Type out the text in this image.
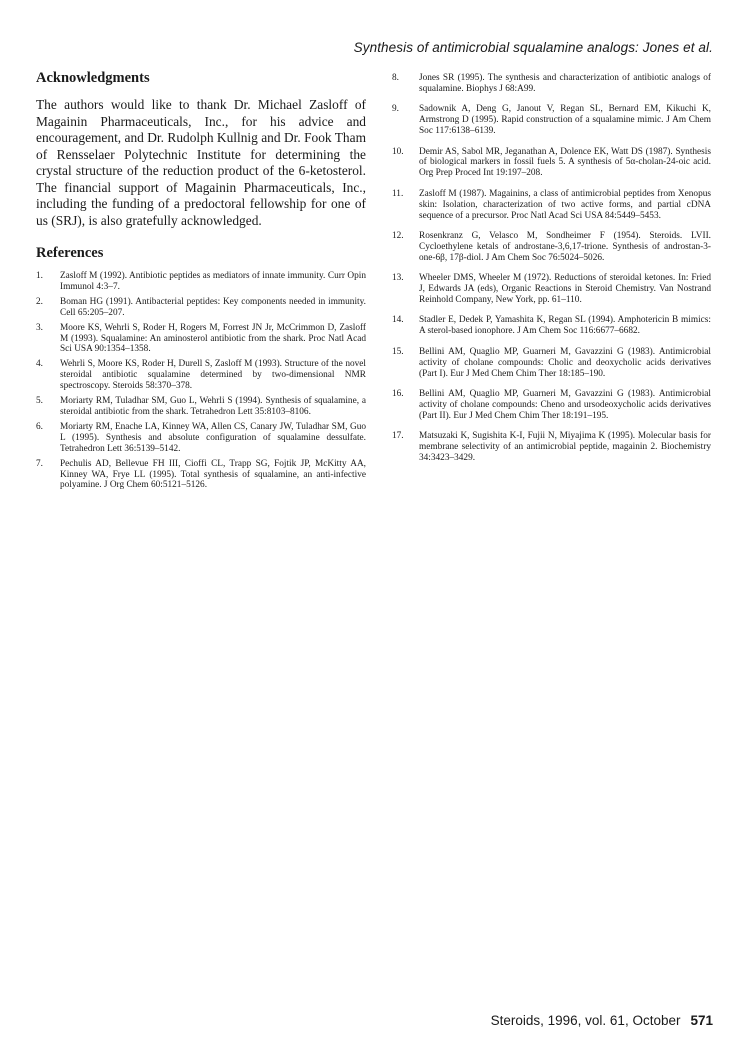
Synthesis of antimicrobial squalamine analogs: Jones et al.
Acknowledgments

The authors would like to thank Dr. Michael Zasloff of Magainin Pharmaceuticals, Inc., for his advice and encouragement, and Dr. Rudolph Kullnig and Dr. Fook Tham of Rensselaer Polytechnic Institute for determining the crystal structure of the reduction product of the 6-ketosterol. The financial support of Magainin Pharmaceuticals, Inc., including the funding of a predoctoral fellowship for one of us (SRJ), is also gratefully acknowledged.

References
1.	Zasloff M (1992). Antibiotic peptides as mediators of innate immunity. Curr Opin Immunol 4:3–7.
2.	Boman HG (1991). Antibacterial peptides: Key components needed in immunity. Cell 65:205–207.
3.	Moore KS, Wehrli S, Roder H, Rogers M, Forrest JN Jr, McCrimmon D, Zasloff M (1993). Squalamine: An aminosterol antibiotic from the shark. Proc Natl Acad Sci USA 90:1354–1358.
4.	Wehrli S, Moore KS, Roder H, Durell S, Zasloff M (1993). Structure of the novel steroidal antibiotic squalamine determined by two-dimensional NMR spectroscopy. Steroids 58:370–378.
5.	Moriarty RM, Tuladhar SM, Guo L, Wehrli S (1994). Synthesis of squalamine, a steroidal antibiotic from the shark. Tetrahedron Lett 35:8103–8106.
6.	Moriarty RM, Enache LA, Kinney WA, Allen CS, Canary JW, Tuladhar SM, Guo L (1995). Synthesis and absolute configuration of squalamine dessulfate. Tetrahedron Lett 36:5139–5142.
7.	Pechulis AD, Bellevue FH III, Cioffi CL, Trapp SG, Fojtik JP, McKitty AA, Kinney WA, Frye LL (1995). Total synthesis of squalamine, an anti-infective polyamine. J Org Chem 60:5121–5126.
8.	Jones SR (1995). The synthesis and characterization of antibiotic analogs of squalamine. Biophys J 68:A99.
9.	Sadownik A, Deng G, Janout V, Regan SL, Bernard EM, Kikuchi K, Armstrong D (1995). Rapid construction of a squalamine mimic. J Am Chem Soc 117:6138–6139.
10.	Demir AS, Sabol MR, Jeganathan A, Dolence EK, Watt DS (1987). Synthesis of biological markers in fossil fuels 5. A synthesis of 5α-cholan-24-oic acid. Org Prep Proced Int 19:197–208.
11.	Zasloff M (1987). Magainins, a class of antimicrobial peptides from Xenopus skin: Isolation, characterization of two active forms, and partial cDNA sequence of a precursor. Proc Natl Acad Sci USA 84:5449–5453.
12.	Rosenkranz G, Velasco M, Sondheimer F (1954). Steroids. LVII. Cycloethylene ketals of androstane-3,6,17-trione. Synthesis of androstan-3-one-6β, 17β-diol. J Am Chem Soc 76:5024–5026.
13.	Wheeler DMS, Wheeler M (1972). Reductions of steroidal ketones. In: Fried J, Edwards JA (eds), Organic Reactions in Steroid Chemistry. Van Nostrand Reinhold Company, New York, pp. 61–110.
14.	Stadler E, Dedek P, Yamashita K, Regan SL (1994). Amphotericin B mimics: A sterol-based ionophore. J Am Chem Soc 116:6677–6682.
15.	Bellini AM, Quaglio MP, Guarneri M, Gavazzini G (1983). Antimicrobial activity of cholane compounds: Cholic and deoxycholic acids derivatives (Part I). Eur J Med Chem Chim Ther 18:185–190.
16.	Bellini AM, Quaglio MP, Guarneri M, Gavazzini G (1983). Antimicrobial activity of cholane compounds: Cheno and ursodeoxycholic acids derivatives (Part II). Eur J Med Chem Chim Ther 18:191–195.
17.	Matsuzaki K, Sugishita K-I, Fujii N, Miyajima K (1995). Molecular basis for membrane selectivity of an antimicrobial peptide, magainin 2. Biochemistry 34:3423–3429.
Steroids, 1996, vol. 61, October 571
